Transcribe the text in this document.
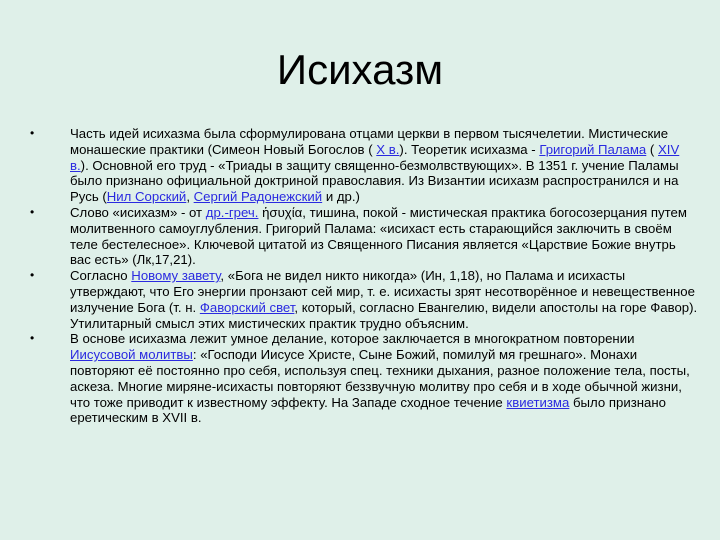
Исихазм
•	Часть идей исихазма была сформулирована отцами церкви в первом тысячелетии. Мистические монашеские практики (Симеон Новый Богослов ( X в.). Теоретик исихазма - Григорий Палама ( XIV в.). Основной его труд - «Триады в защиту священно-безмолвствующих». В 1351 г. учение Паламы было признано официальной доктриной православия. Из Византии исихазм распространился и на Русь (Нил Сорский, Сергий Радонежский и др.)
•	Слово «исихазм» - от др.-греч. ἡσυχία, тишина, покой - мистическая практика богосозерцания путем молитвенного самоуглубления. Григорий Палама: «исихаст есть старающийся заключить в своём теле бестелесное». Ключевой цитатой из Священного Писания является «Царствие Божие внутрь вас есть» (Лк,17,21).
•	Согласно Новому завету, «Бога не видел никто никогда» (Ин, 1,18), но Палама и исихасты утверждают, что Его энергии пронзают сей мир, т. е. исихасты зрят несотворённое и невещественное излучение Бога (т. н. Фаворский свет, который, согласно Евангелию, видели апостолы на горе Фавор). Утилитарный смысл этих мистических практик трудно объясним.
•	В основе исихазма лежит умное делание, которое заключается в многократном повторении Иисусовой молитвы: «Господи Иисусе Христе, Сыне Божий, помилуй мя грешнаго». Монахи повторяют её постоянно про себя, используя спец. техники дыхания, разное положение тела, посты, аскеза. Многие миряне-исихасты повторяют беззвучную молитву про себя и в ходе обычной жизни, что тоже приводит к известному эффекту. На Западе сходное течение квиетизма было признано еретическим в XVII в.
